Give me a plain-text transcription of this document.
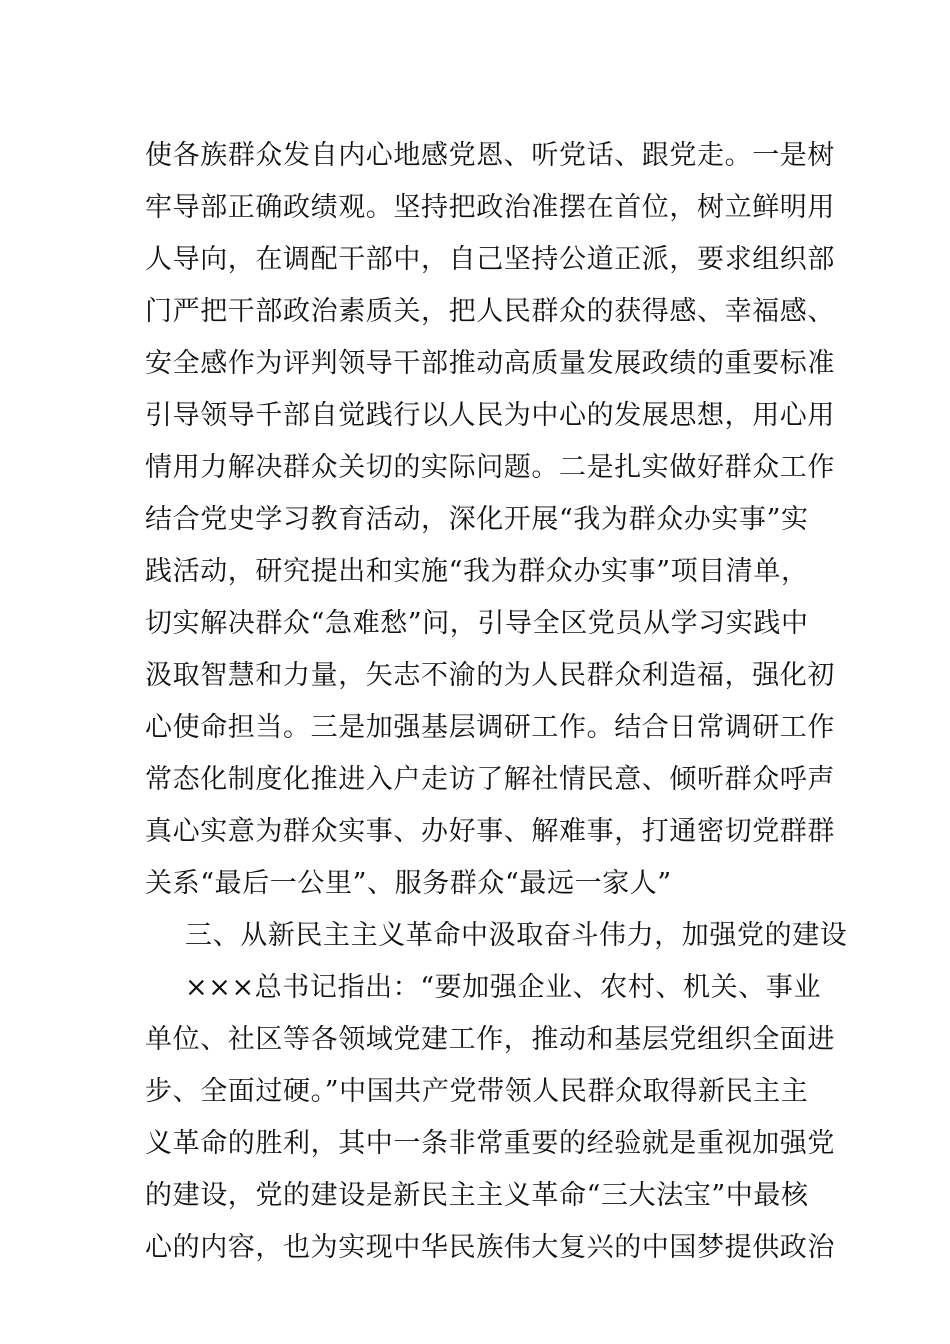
使各族群众发自内心地感党恩、听党话、跟党走。一是树
牢导部正确政绩观。坚持把政治准摆在首位，树立鲜明用
人导向，在调配干部中，自己坚持公道正派，要求组织部
门严把干部政治素质关，把人民群众的获得感、幸福感、
安全感作为评判领导干部推动高质量发展政绩的重要标准
引导领导千部自觉践行以人民为中心的发展思想，用心用
情用力解决群众关切的实际问题。二是扎实做好群众工作
结合党史学习教育活动，深化开展“我为群众办实事”实
践活动，研究提出和实施“我为群众办实事”项目清单，
切实解决群众“急难愁”问，引导全区党员从学习实践中
汲取智慧和力量，矢志不渝的为人民群众利造福，强化初
心使命担当。三是加强基层调研工作。结合日常调研工作
常态化制度化推进入户走访了解社情民意、倾听群众呼声
真心实意为群众实事、办好事、解难事，打通密切党群群
关系“最后一公里”、服务群众“最远一家人”
三、从新民主主义革命中汲取奋斗伟力，加强党的建设
×××总书记指出：“要加强企业、农村、机关、事业
单位、社区等各领域党建工作，推动和基层党组织全面进
步、全面过硬。”中国共产党带领人民群众取得新民主主
义革命的胜利，其中一条非常重要的经验就是重视加强党
的建设，党的建设是新民主主义革命“三大法宝”中最核
心的内容，也为实现中华民族伟大复兴的中国梦提供政治
